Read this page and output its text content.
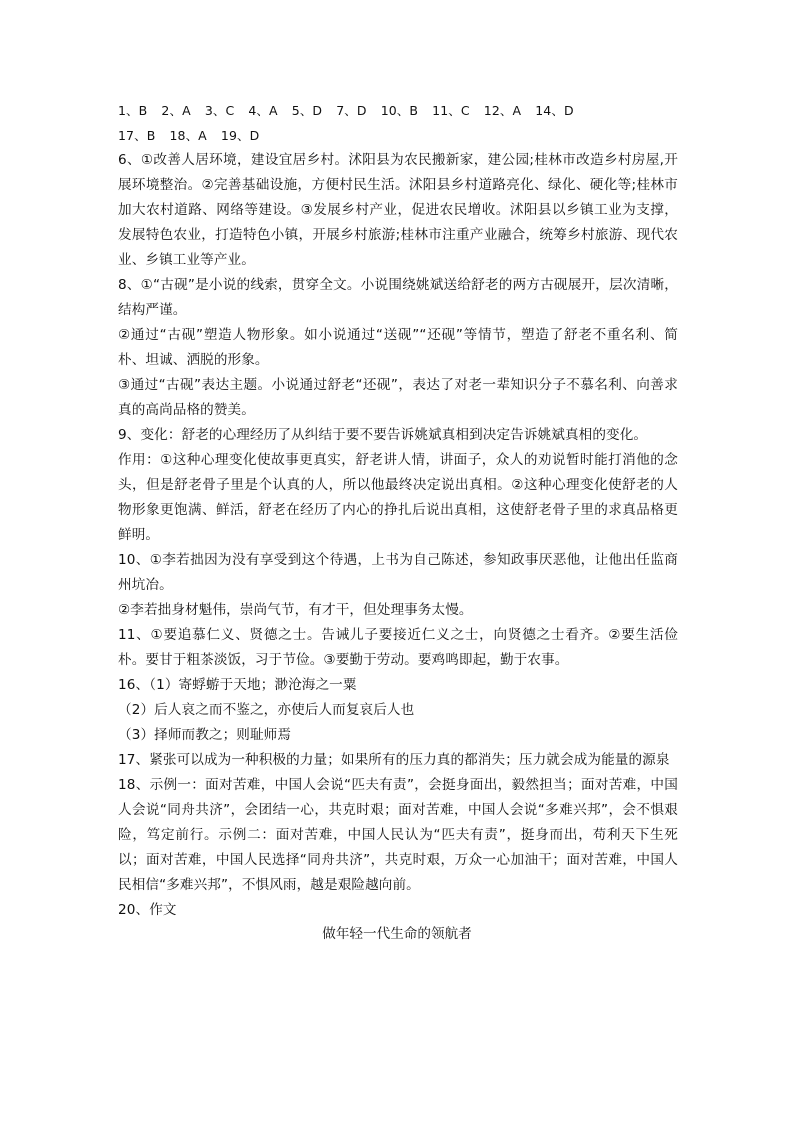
1、B 2、A 3、C 4、A 5、D 7、D 10、B 11、C 12、A 14、D

17、B 18、A 19、D

6、①改善人居环境，建设宜居乡村。沭阳县为农民搬新家，建公园;桂林市改造乡村房屋,开展环境整治。②完善基础设施，方便村民生活。沭阳县乡村道路亮化、绿化、硬化等;桂林市加大农村道路、网络等建设。③发展乡村产业，促进农民增收。沭阳县以乡镇工业为支撑，发展特色农业，打造特色小镇，开展乡村旅游;桂林市注重产业融合，统筹乡村旅游、现代农业、乡镇工业等产业。

8、①“古砚”是小说的线索，贯穿全文。小说围绕姚斌送给舒老的两方古砚展开，层次清晰，结构严谨。

②通过“古砚”塑造人物形象。如小说通过“送砚”“还砚”等情节，塑造了舒老不重名利、简朴、坦诚、洒脱的形象。

③通过“古砚”表达主题。小说通过舒老“还砚”，表达了对老一辈知识分子不慕名利、向善求真的高尚品格的赞美。

9、变化：舒老的心理经历了从纠结于要不要告诉姚斌真相到决定告诉姚斌真相的变化。

作用：①这种心理变化使故事更真实，舒老讲人情，讲面子，众人的劝说暂时能打消他的念头，但是舒老骨子里是个认真的人，所以他最终决定说出真相。②这种心理变化使舒老的人物形象更饱满、鲜活，舒老在经历了内心的挣扎后说出真相，这使舒老骨子里的求真品格更鲜明。

10、①李若拙因为没有享受到这个待遇，上书为自己陈述，参知政事厌恶他，让他出任监商州坑冶。

②李若拙身材魁伟，崇尚气节，有才干，但处理事务太慢。

11、①要追慕仁义、贤德之士。告诫儿子要接近仁义之士，向贤德之士看齐。②要生活俭朴。要甘于粗茶淡饭，习于节俭。③要勤于劳动。要鸡鸣即起，勤于农事。

16、（1）寄蜉蝣于天地；渺沧海之一粟

（2）后人哀之而不鉴之，亦使后人而复哀后人也

（3）择师而教之；则耻师焉

17、紧张可以成为一种积极的力量；如果所有的压力真的都消失；压力就会成为能量的源泉

18、示例一：面对苦难，中国人会说“匹夫有责”，会挺身面出，毅然担当；面对苦难，中国人会说“同舟共济”，会团结一心，共克时艰；面对苦难，中国人会说“多难兴邦”，会不惧艰险，笃定前行。示例二：面对苦难，中国人民认为“匹夫有责”，挺身而出，苟利天下生死以；面对苦难，中国人民选择“同舟共济”，共克时艰，万众一心加油干；面对苦难，中国人民相信“多难兴邦”，不惧风雨，越是艰险越向前。

20、作文

做年轻一代生命的领航者
